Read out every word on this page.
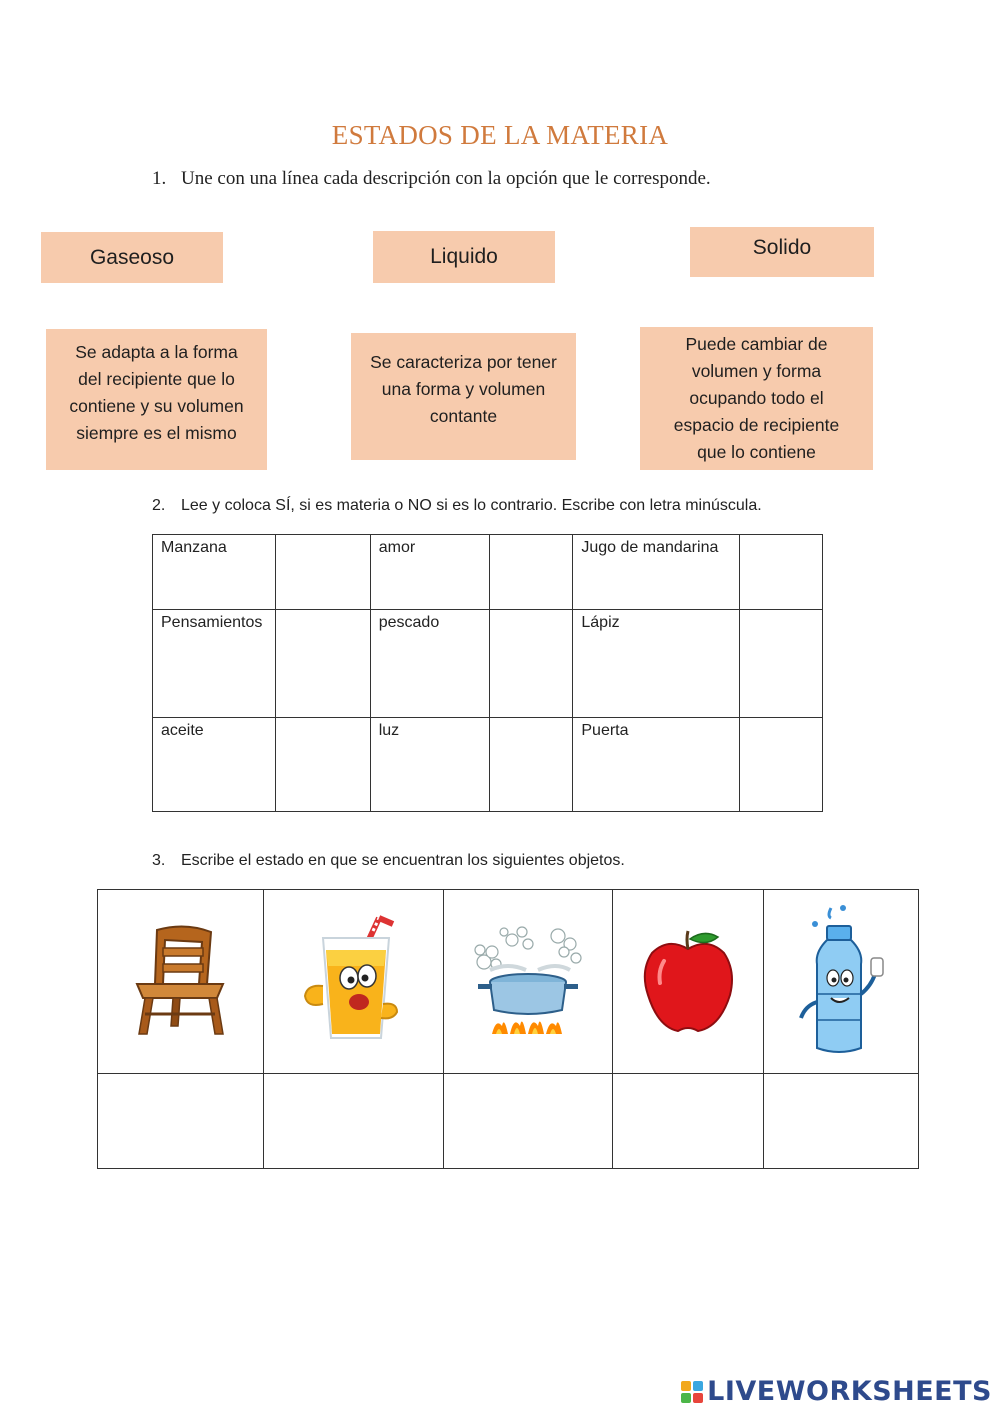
ESTADOS DE LA MATERIA
1. Une con una línea cada descripción con la opción que le corresponde.
Gaseoso	Liquido	Solido
Se adapta a la forma
del recipiente que lo
contiene y su volumen
siempre es el mismo
Se caracteriza por tener
una forma y volumen
contante
Puede cambiar de
volumen y forma
ocupando todo el
espacio de recipiente
que lo contiene
2. Lee y coloca SÍ, si es materia o NO si es lo contrario. Escribe con letra minúscula.
Manzana		amor		Jugo de mandarina

Pensamientos		pescado		Lápiz

aceite		luz		Puerta

3. Escribe el estado en que se encuentran los siguientes objetos.

LIVEWORKSHEETS
